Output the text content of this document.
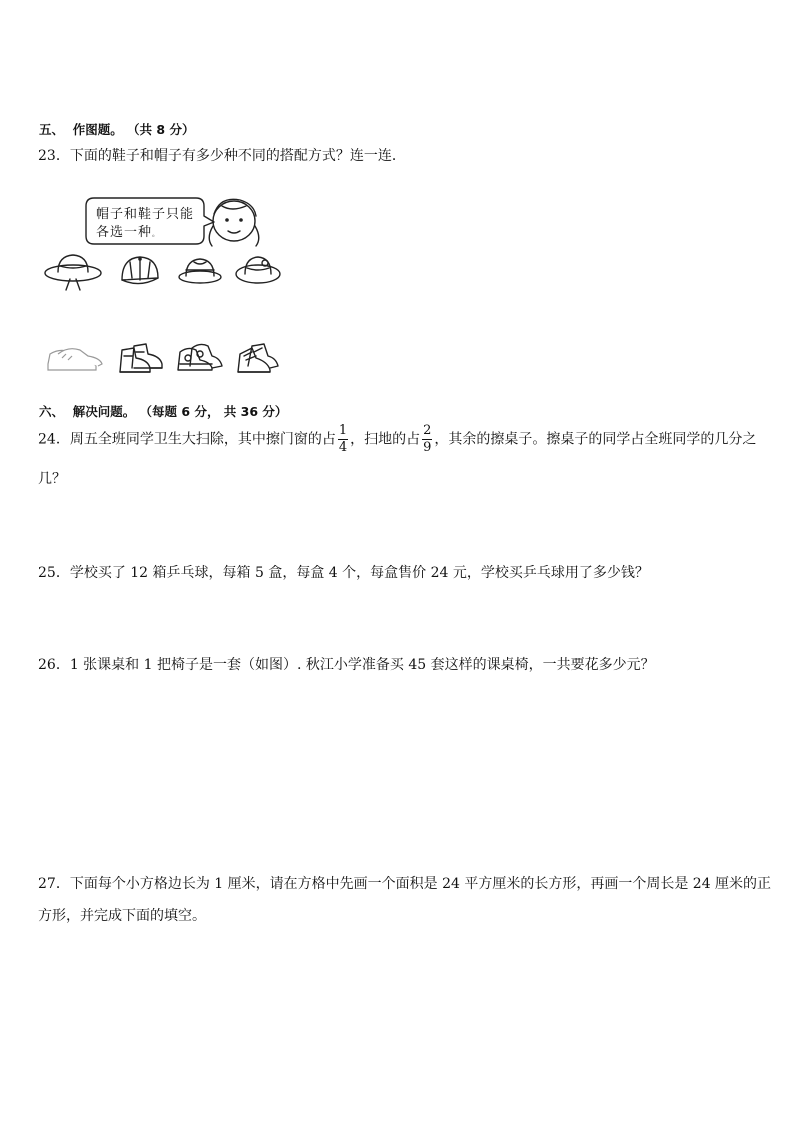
五、  作图题。 （共 8 分）
23．下面的鞋子和帽子有多少种不同的搭配方式？连一连．
帽子和鞋子只能
各选一种。
六、  解决问题。 （每题 6 分， 共 36 分）
24．周五全班同学卫生大扫除，其中擦门窗的占 $\frac{1}{4}$ ，扫地的占 $\frac{2}{9}$ ，其余的擦桌子。擦桌子的同学占全班同学的几分之
几？
25．学校买了 12 箱乒乓球，每箱 5 盒，每盒 4 个，每盒售价 24 元，学校买乒乓球用了多少钱？
26．1 张课桌和 1 把椅子是一套（如图）. 秋江小学准备买 45 套这样的课桌椅，一共要花多少元？
27．下面每个小方格边长为 1 厘米，请在方格中先画一个面积是 24 平方厘米的长方形，再画一个周长是 24 厘米的正
方形，并完成下面的填空。
